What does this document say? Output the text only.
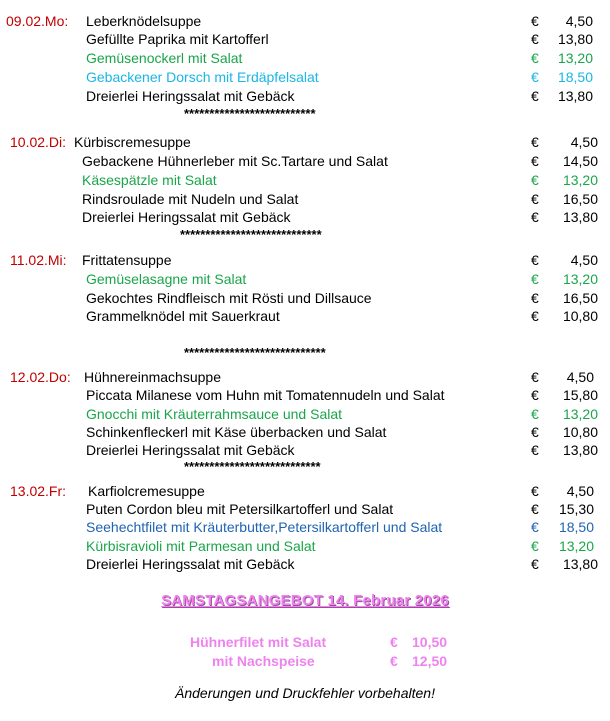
09.02.Mo: Leberknödelsuppe	€ 4,50
Gefüllte Paprika mit Kartofferl	€ 13,80
Gemüsenockerl mit Salat	€ 13,20
Gebackener Dorsch mit Erdäpfelsalat	€ 18,50
Dreierlei Heringssalat mit Gebäck	€ 13,80
**************************
10.02.Di: Kürbiscremesuppe	€ 4,50
Gebackene Hühnerleber mit Sc.Tartare und Salat	€ 14,50
Käsespätzle mit Salat	€ 13,20
Rindsroulade mit Nudeln und Salat	€ 16,50
Dreierlei Heringssalat mit Gebäck	€ 13,80
****************************
11.02.Mi: Frittatensuppe	€ 4,50
Gemüselasagne mit Salat	€ 13,20
Gekochtes Rindfleisch mit Rösti und Dillsauce	€ 16,50
Grammelknödel mit Sauerkraut	€ 10,80
****************************
12.02.Do: Hühnereinmachsuppe	€ 4,50
Piccata Milanese vom Huhn mit Tomatennudeln und Salat	€ 15,80
Gnocchi mit Kräuterrahmsauce und Salat	€ 13,20
Schinkenfleckerl mit Käse überbacken und Salat	€ 10,80
Dreierlei Heringssalat mit Gebäck	€ 13,80
***************************
13.02.Fr: Karfiolcremesuppe	€ 4,50
Puten Cordon bleu mit Petersilkartofferl und Salat	€ 15,30
Seehechtfilet mit Kräuterbutter,Petersilkartofferl und Salat	€ 18,50
Kürbisravioli mit Parmesan und Salat	€ 13,20
Dreierlei Heringssalat mit Gebäck	€ 13,80
SAMSTAGSANGEBOT 14. Februar 2026
Hühnerfilet mit Salat	€ 10,50
mit Nachspeise	€ 12,50
Änderungen und Druckfehler vorbehalten!
